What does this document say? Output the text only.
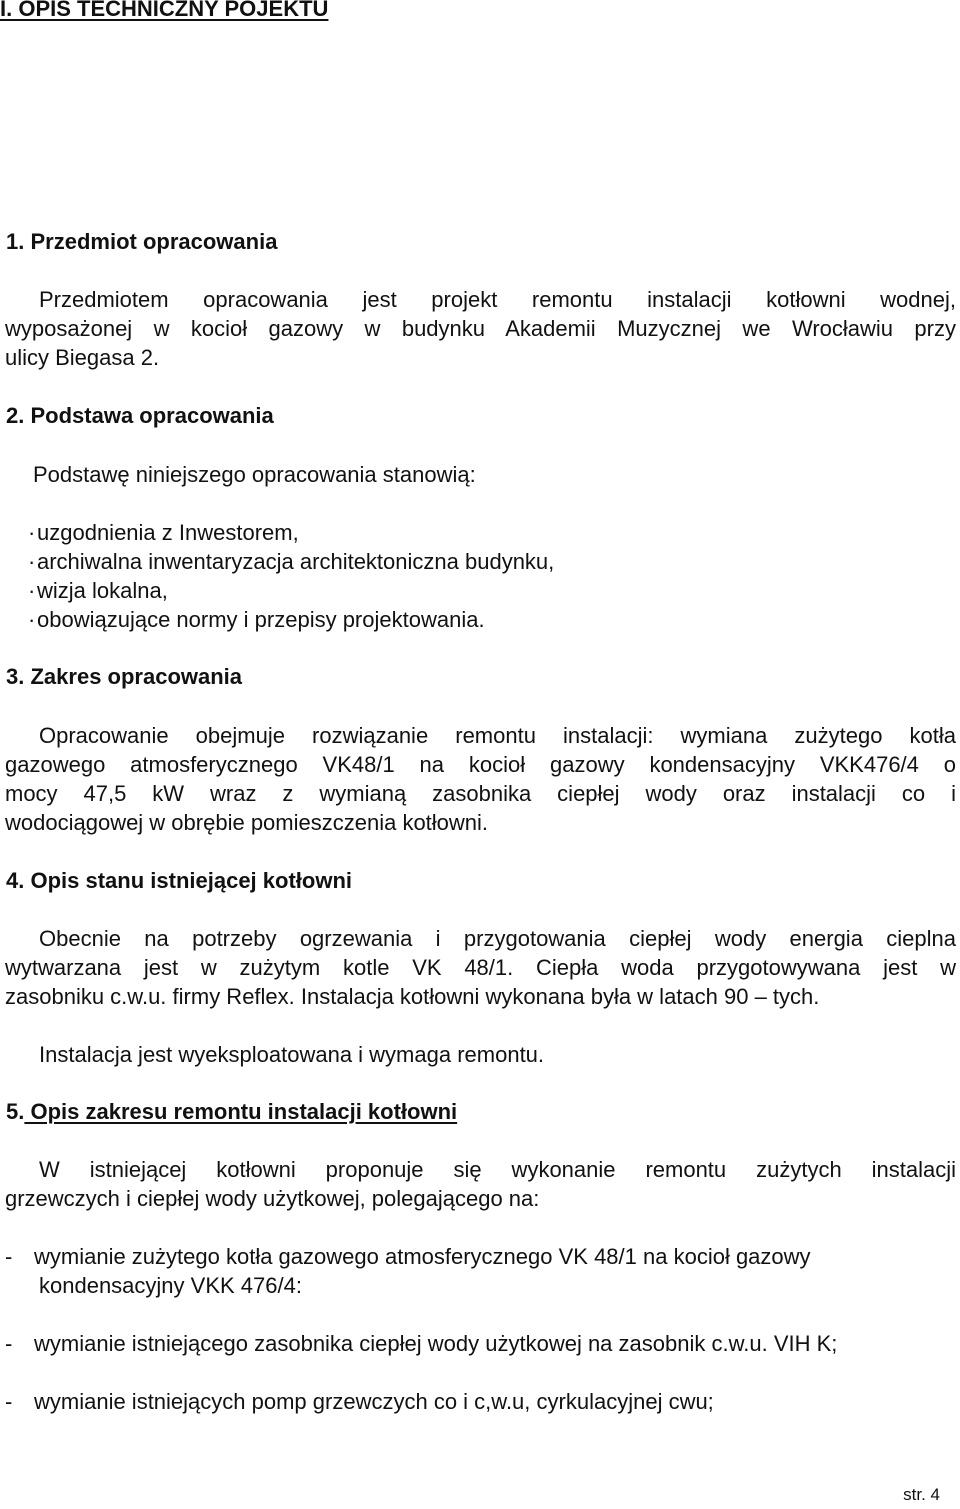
I. OPIS TECHNICZNY POJEKTU
1. Przedmiot opracowania
Przedmiotem opracowania jest projekt remontu instalacji kotłowni wodnej,
wyposażonej w kocioł gazowy w budynku Akademii Muzycznej we Wrocławiu przy
ulicy Biegasa 2.
2. Podstawa opracowania
Podstawę niniejszego opracowania stanowią:
·uzgodnienia z Inwestorem,
·archiwalna inwentaryzacja architektoniczna budynku,
·wizja lokalna,
·obowiązujące normy i przepisy projektowania.
3. Zakres opracowania
Opracowanie obejmuje rozwiązanie remontu instalacji: wymiana zużytego kotła
gazowego atmosferycznego VK48/1 na kocioł gazowy kondensacyjny VKK476/4 o
mocy 47,5 kW wraz z wymianą zasobnika ciepłej wody oraz instalacji co i
wodociągowej w obrębie pomieszczenia kotłowni.
4. Opis stanu istniejącej kotłowni
Obecnie na potrzeby ogrzewania i przygotowania ciepłej wody energia cieplna
wytwarzana jest w zużytym kotle VK 48/1. Ciepła woda przygotowywana jest w
zasobniku c.w.u. firmy Reflex. Instalacja kotłowni wykonana była w latach 90 – tych.
Instalacja jest wyeksploatowana i wymaga remontu.
5. Opis zakresu remontu instalacji kotłowni
W istniejącej kotłowni proponuje się wykonanie remontu zużytych instalacji
grzewczych i ciepłej wody użytkowej, polegającego na:
- wymianie zużytego kotła gazowego atmosferycznego VK 48/1 na kocioł gazowy
kondensacyjny VKK 476/4:
- wymianie istniejącego zasobnika ciepłej wody użytkowej na zasobnik c.w.u. VIH K;
- wymianie istniejących pomp grzewczych co i c,w.u, cyrkulacyjnej cwu;
str. 4
